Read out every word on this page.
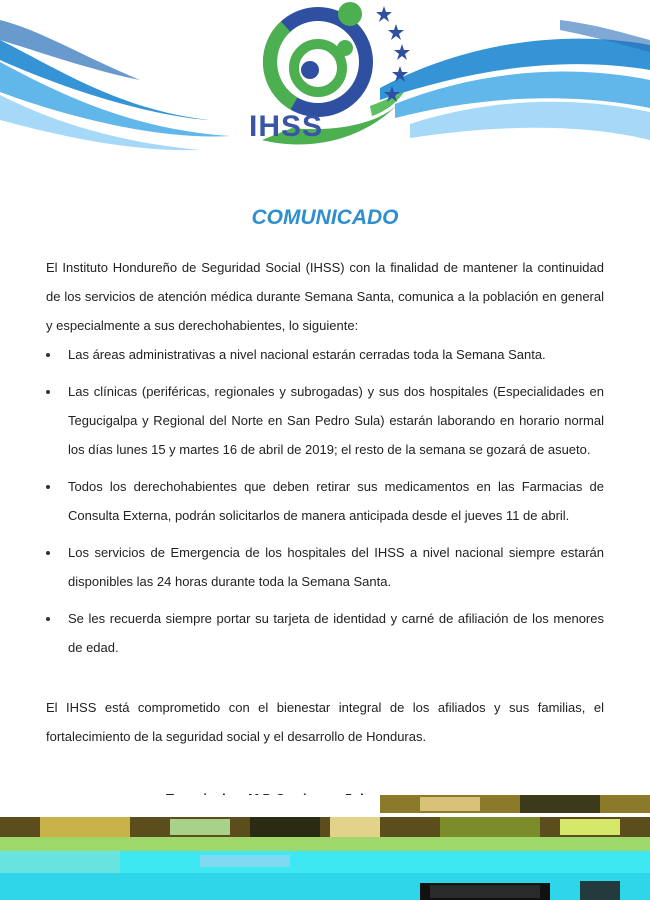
IHSS
COMUNICADO
El Instituto Hondureño de Seguridad Social (IHSS) con la finalidad de mantener la continuidad de los servicios de atención médica durante Semana Santa, comunica a la población en general y especialmente a sus derechohabientes, lo siguiente:
Las áreas administrativas a nivel nacional estarán cerradas toda la Semana Santa.
Las clínicas (periféricas, regionales y subrogadas) y sus dos hospitales (Especialidades en Tegucigalpa y Regional del Norte en San Pedro Sula) estarán laborando en horario normal los días lunes 15 y martes 16 de abril de 2019; el resto de la semana se gozará de asueto.
Todos los derechohabientes que deben retirar sus medicamentos en las Farmacias de Consulta Externa, podrán solicitarlos de manera anticipada desde el jueves 11 de abril.
Los servicios de Emergencia de los hospitales del IHSS a nivel nacional siempre estarán disponibles las 24 horas durante toda la Semana Santa.
Se les recuerda siempre portar su tarjeta de identidad y carné de afiliación de los menores de edad.
El IHSS está comprometido con el bienestar integral de los afiliados y sus familias, el fortalecimiento de la seguridad social y el desarrollo de Honduras.
